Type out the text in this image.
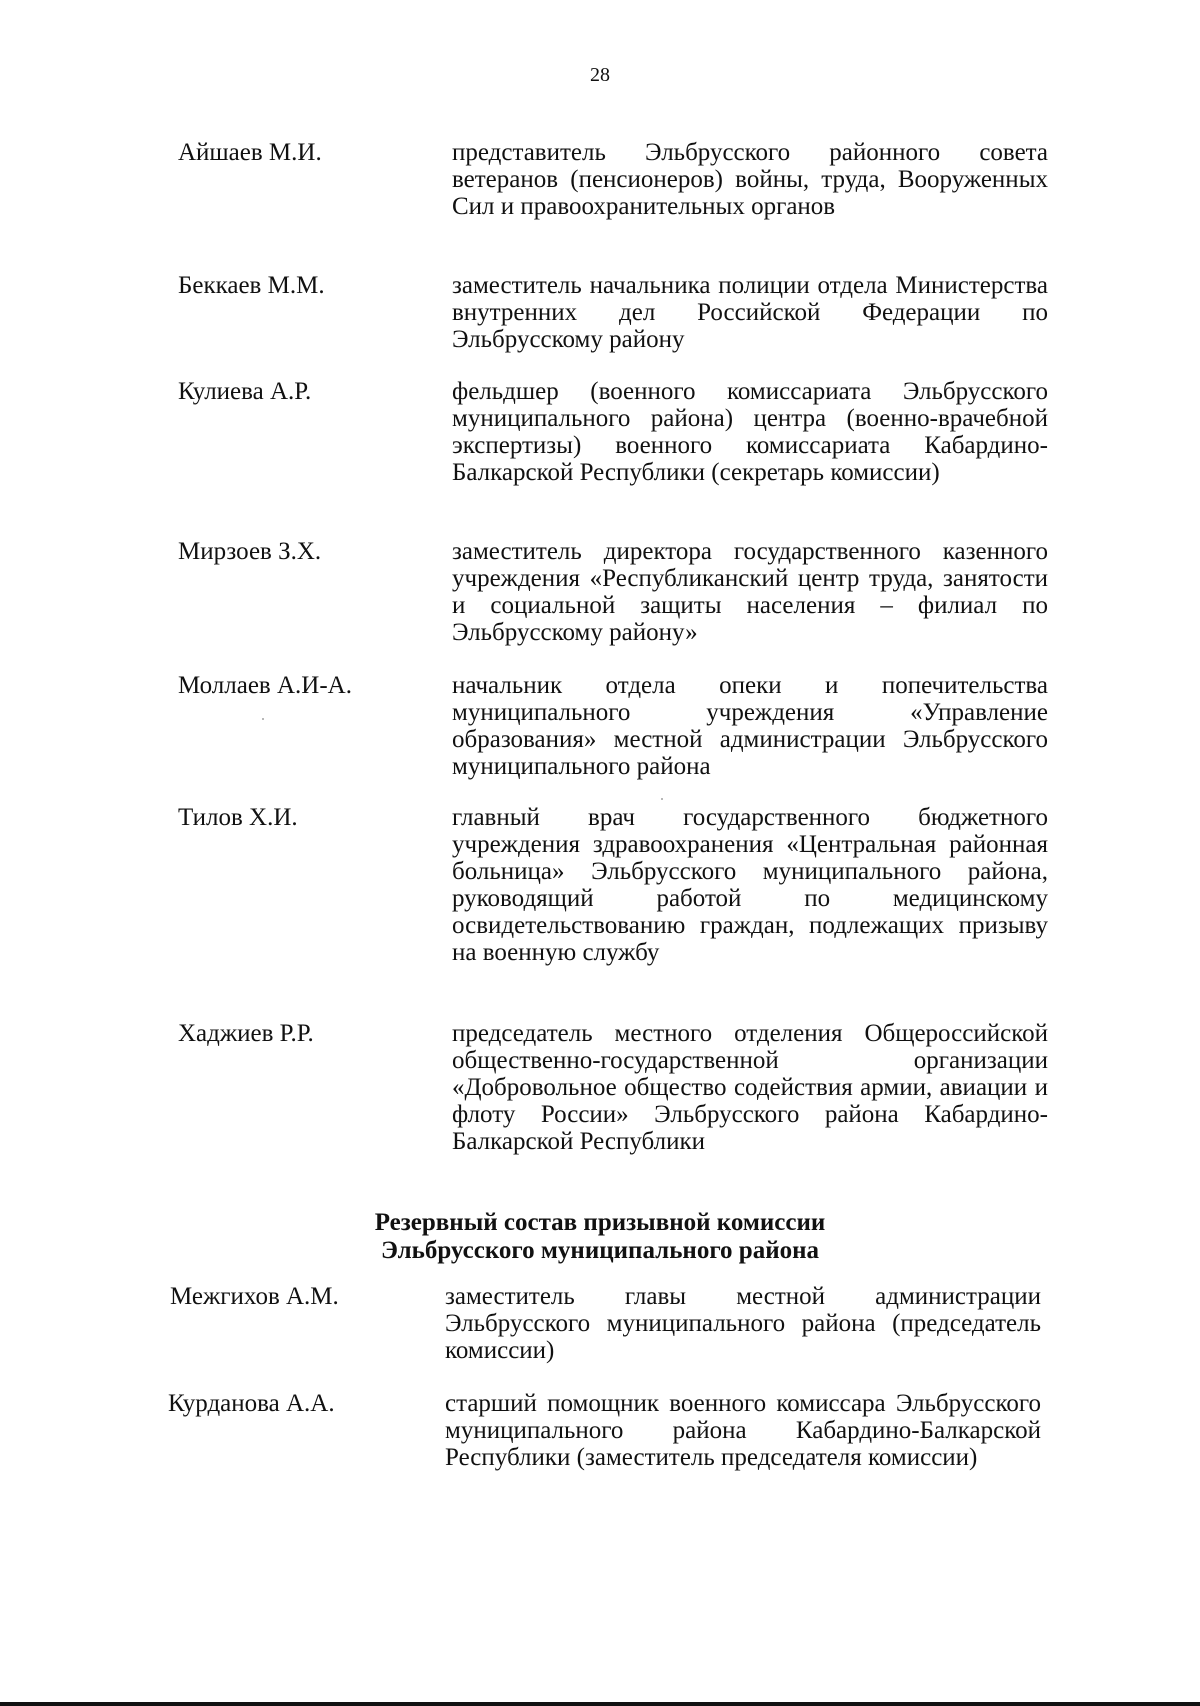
28
Айшаев М.И.	представитель Эльбрусского районного совета ветеранов (пенсионеров) войны, труда, Вооруженных Сил и правоохранительных органов
Беккаев М.М.	заместитель начальника полиции отдела Министерства внутренних дел Российской Федерации по Эльбрусскому району
Кулиева А.Р.	фельдшер (военного комиссариата Эльбрусского муниципального района) центра (военно-врачебной экспертизы) военного комиссариата Кабардино-Балкарской Республики (секретарь комиссии)
Мирзоев З.Х.	заместитель директора государственного казенного учреждения «Республиканский центр труда, занятости и социальной защиты населения – филиал по Эльбрусскому району»
Моллаев А.И-А.	начальник отдела опеки и попечительства муниципального учреждения «Управление образования» местной администрации Эльбрусского муниципального района
Тилов Х.И.	главный врач государственного бюджетного учреждения здравоохранения «Центральная районная больница» Эльбрусского муниципального района, руководящий работой по медицинскому освидетельствованию граждан, подлежащих призыву на военную службу
Хаджиев Р.Р.	председатель местного отделения Общероссийской общественно-государственной организации «Добровольное общество содействия армии, авиации и флоту России» Эльбрусского района Кабардино-Балкарской Республики
Резервный состав призывной комиссии
Эльбрусского муниципального района
Межгихов А.М.	заместитель главы местной администрации Эльбрусского муниципального района (председатель комиссии)
Курданова А.А.	старший помощник военного комиссара Эльбрусского муниципального района Кабардино-Балкарской Республики (заместитель председателя комиссии)
